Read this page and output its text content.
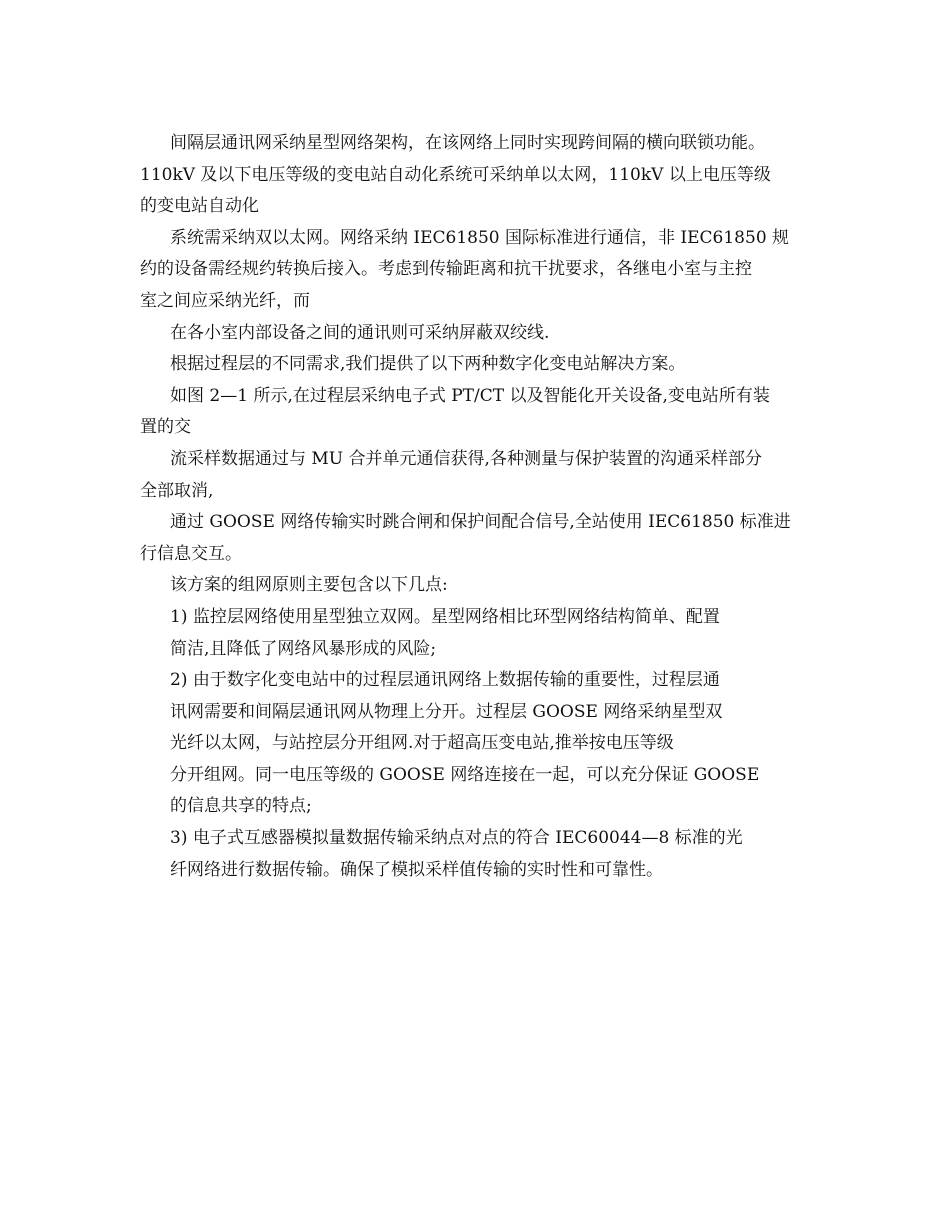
间隔层通讯网采纳星型网络架构，在该网络上同时实现跨间隔的横向联锁功能。
110kV 及以下电压等级的变电站自动化系统可采纳单以太网，110kV 以上电压等级
的变电站自动化
系统需采纳双以太网。网络采纳 IEC61850 国际标准进行通信，非 IEC61850 规
约的设备需经规约转换后接入。考虑到传输距离和抗干扰要求，各继电小室与主控
室之间应采纳光纤，而
在各小室内部设备之间的通讯则可采纳屏蔽双绞线.
根据过程层的不同需求,我们提供了以下两种数字化变电站解决方案。
如图 2—1 所示,在过程层采纳电子式 PT/CT 以及智能化开关设备,变电站所有装
置的交
流采样数据通过与 MU 合并单元通信获得,各种测量与保护装置的沟通采样部分
全部取消,
通过 GOOSE 网络传输实时跳合闸和保护间配合信号,全站使用 IEC61850 标准进
行信息交互。
该方案的组网原则主要包含以下几点:
1) 监控层网络使用星型独立双网。星型网络相比环型网络结构简单、配置
简洁,且降低了网络风暴形成的风险;
2) 由于数字化变电站中的过程层通讯网络上数据传输的重要性，过程层通
讯网需要和间隔层通讯网从物理上分开。过程层 GOOSE 网络采纳星型双
光纤以太网，与站控层分开组网.对于超高压变电站,推举按电压等级
分开组网。同一电压等级的 GOOSE 网络连接在一起，可以充分保证 GOOSE
的信息共享的特点;
3) 电子式互感器模拟量数据传输采纳点对点的符合 IEC60044—8 标准的光
纤网络进行数据传输。确保了模拟采样值传输的实时性和可靠性。
